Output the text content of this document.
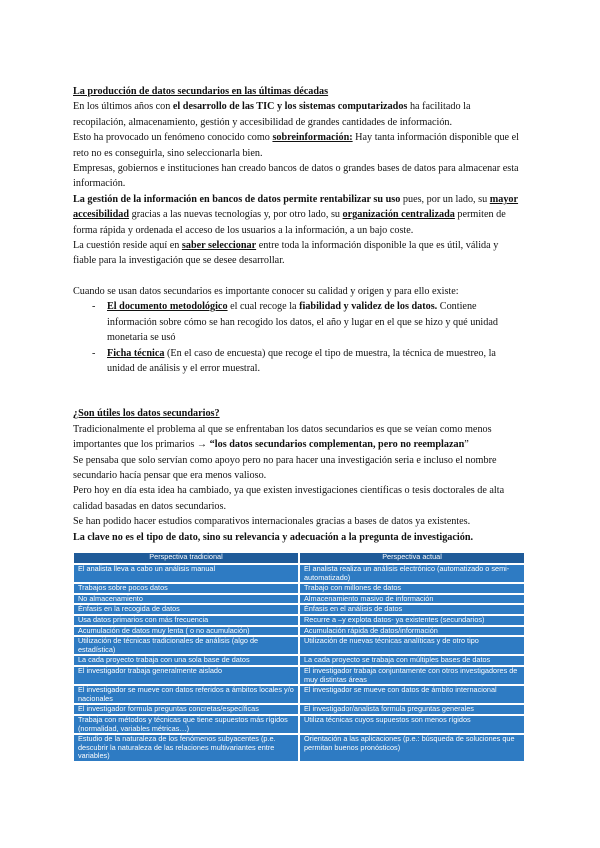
La producción de datos secundarios en las últimas décadas

En los últimos años con el desarrollo de las TIC y los sistemas computarizados ha facilitado la recopilación, almacenamiento, gestión y accesibilidad de grandes cantidades de información.

Esto ha provocado un fenómeno conocido como sobreinformación: Hay tanta información disponible que el reto no es conseguirla, sino seleccionarla bien.

Empresas, gobiernos e instituciones han creado bancos de datos o grandes bases de datos para almacenar esta información.

La gestión de la información en bancos de datos permite rentabilizar su uso pues, por un lado, su mayor accesibilidad gracias a las nuevas tecnologías y, por otro lado, su organización centralizada permiten de forma rápida y ordenada el acceso de los usuarios a la información, a un bajo coste.

La cuestión reside aquí en saber seleccionar entre toda la información disponible la que es útil, válida y fiable para la investigación que se desee desarrollar.

Cuando se usan datos secundarios es importante conocer su calidad y origen y para ello existe:

- El documento metodológico el cual recoge la fiabilidad y validez de los datos. Contiene información sobre cómo se han recogido los datos, el año y lugar en el que se hizo y qué unidad monetaria se usó
- Ficha técnica (En el caso de encuesta) que recoge el tipo de muestra, la técnica de muestreo, la unidad de análisis y el error muestral.

¿Son útiles los datos secundarios?

Tradicionalmente el problema al que se enfrentaban los datos secundarios es que se veían como menos importantes que los primarios → “los datos secundarios complementan, pero no reemplazan”

Se pensaba que solo servían como apoyo pero no para hacer una investigación seria e incluso el nombre secundario hacía pensar que era menos valioso.

Pero hoy en día esta idea ha cambiado, ya que existen investigaciones científicas o tesis doctorales de alta calidad basadas en datos secundarios.

Se han podido hacer estudios comparativos internacionales gracias a bases de datos ya existentes.

La clave no es el tipo de dato, sino su relevancia y adecuación a la pregunta de investigación.

Perspectiva tradicional	Perspectiva actual
El analista lleva a cabo un análisis manual	El analista realiza un análisis electrónico (automatizado o semi-automatizado)
Trabajos sobre pocos datos	Trabajo con millones de datos
No almacenamiento	Almacenamiento masivo de información
Énfasis en la recogida de datos	Énfasis en el análisis de datos
Usa datos primarios con más frecuencia	Recurre a –y explota datos- ya existentes (secundarios)
Acumulación de datos muy lenta ( o no acumulación)	Acumulación rápida de datos/información
Utilización de técnicas tradicionales de análisis (algo de estadística)	Utilización de nuevas técnicas analíticas y de otro tipo
La cada proyecto trabaja con una sola base de datos	La cada proyecto se trabaja con múltiples bases de datos
El investigador trabaja generalmente aislado	El investigador trabaja conjuntamente con otros investigadores de muy distintas áreas
El investigador se mueve con datos referidos a ámbitos locales y/o nacionales	El investigador se mueve con datos de ámbito internacional
El investigador formula preguntas concretas/específicas	El investigador/analista formula preguntas generales
Trabaja con métodos y técnicas que tiene supuestos más rígidos (normalidad, variables métricas…)	Utiliza técnicas cuyos supuestos son menos rígidos
Estudio de la naturaleza de los fenómenos subyacentes (p.e. descubrir la naturaleza de las relaciones multivariantes entre variables)	Orientación a las aplicaciones (p.e.: búsqueda de soluciones que permitan buenos pronósticos)
